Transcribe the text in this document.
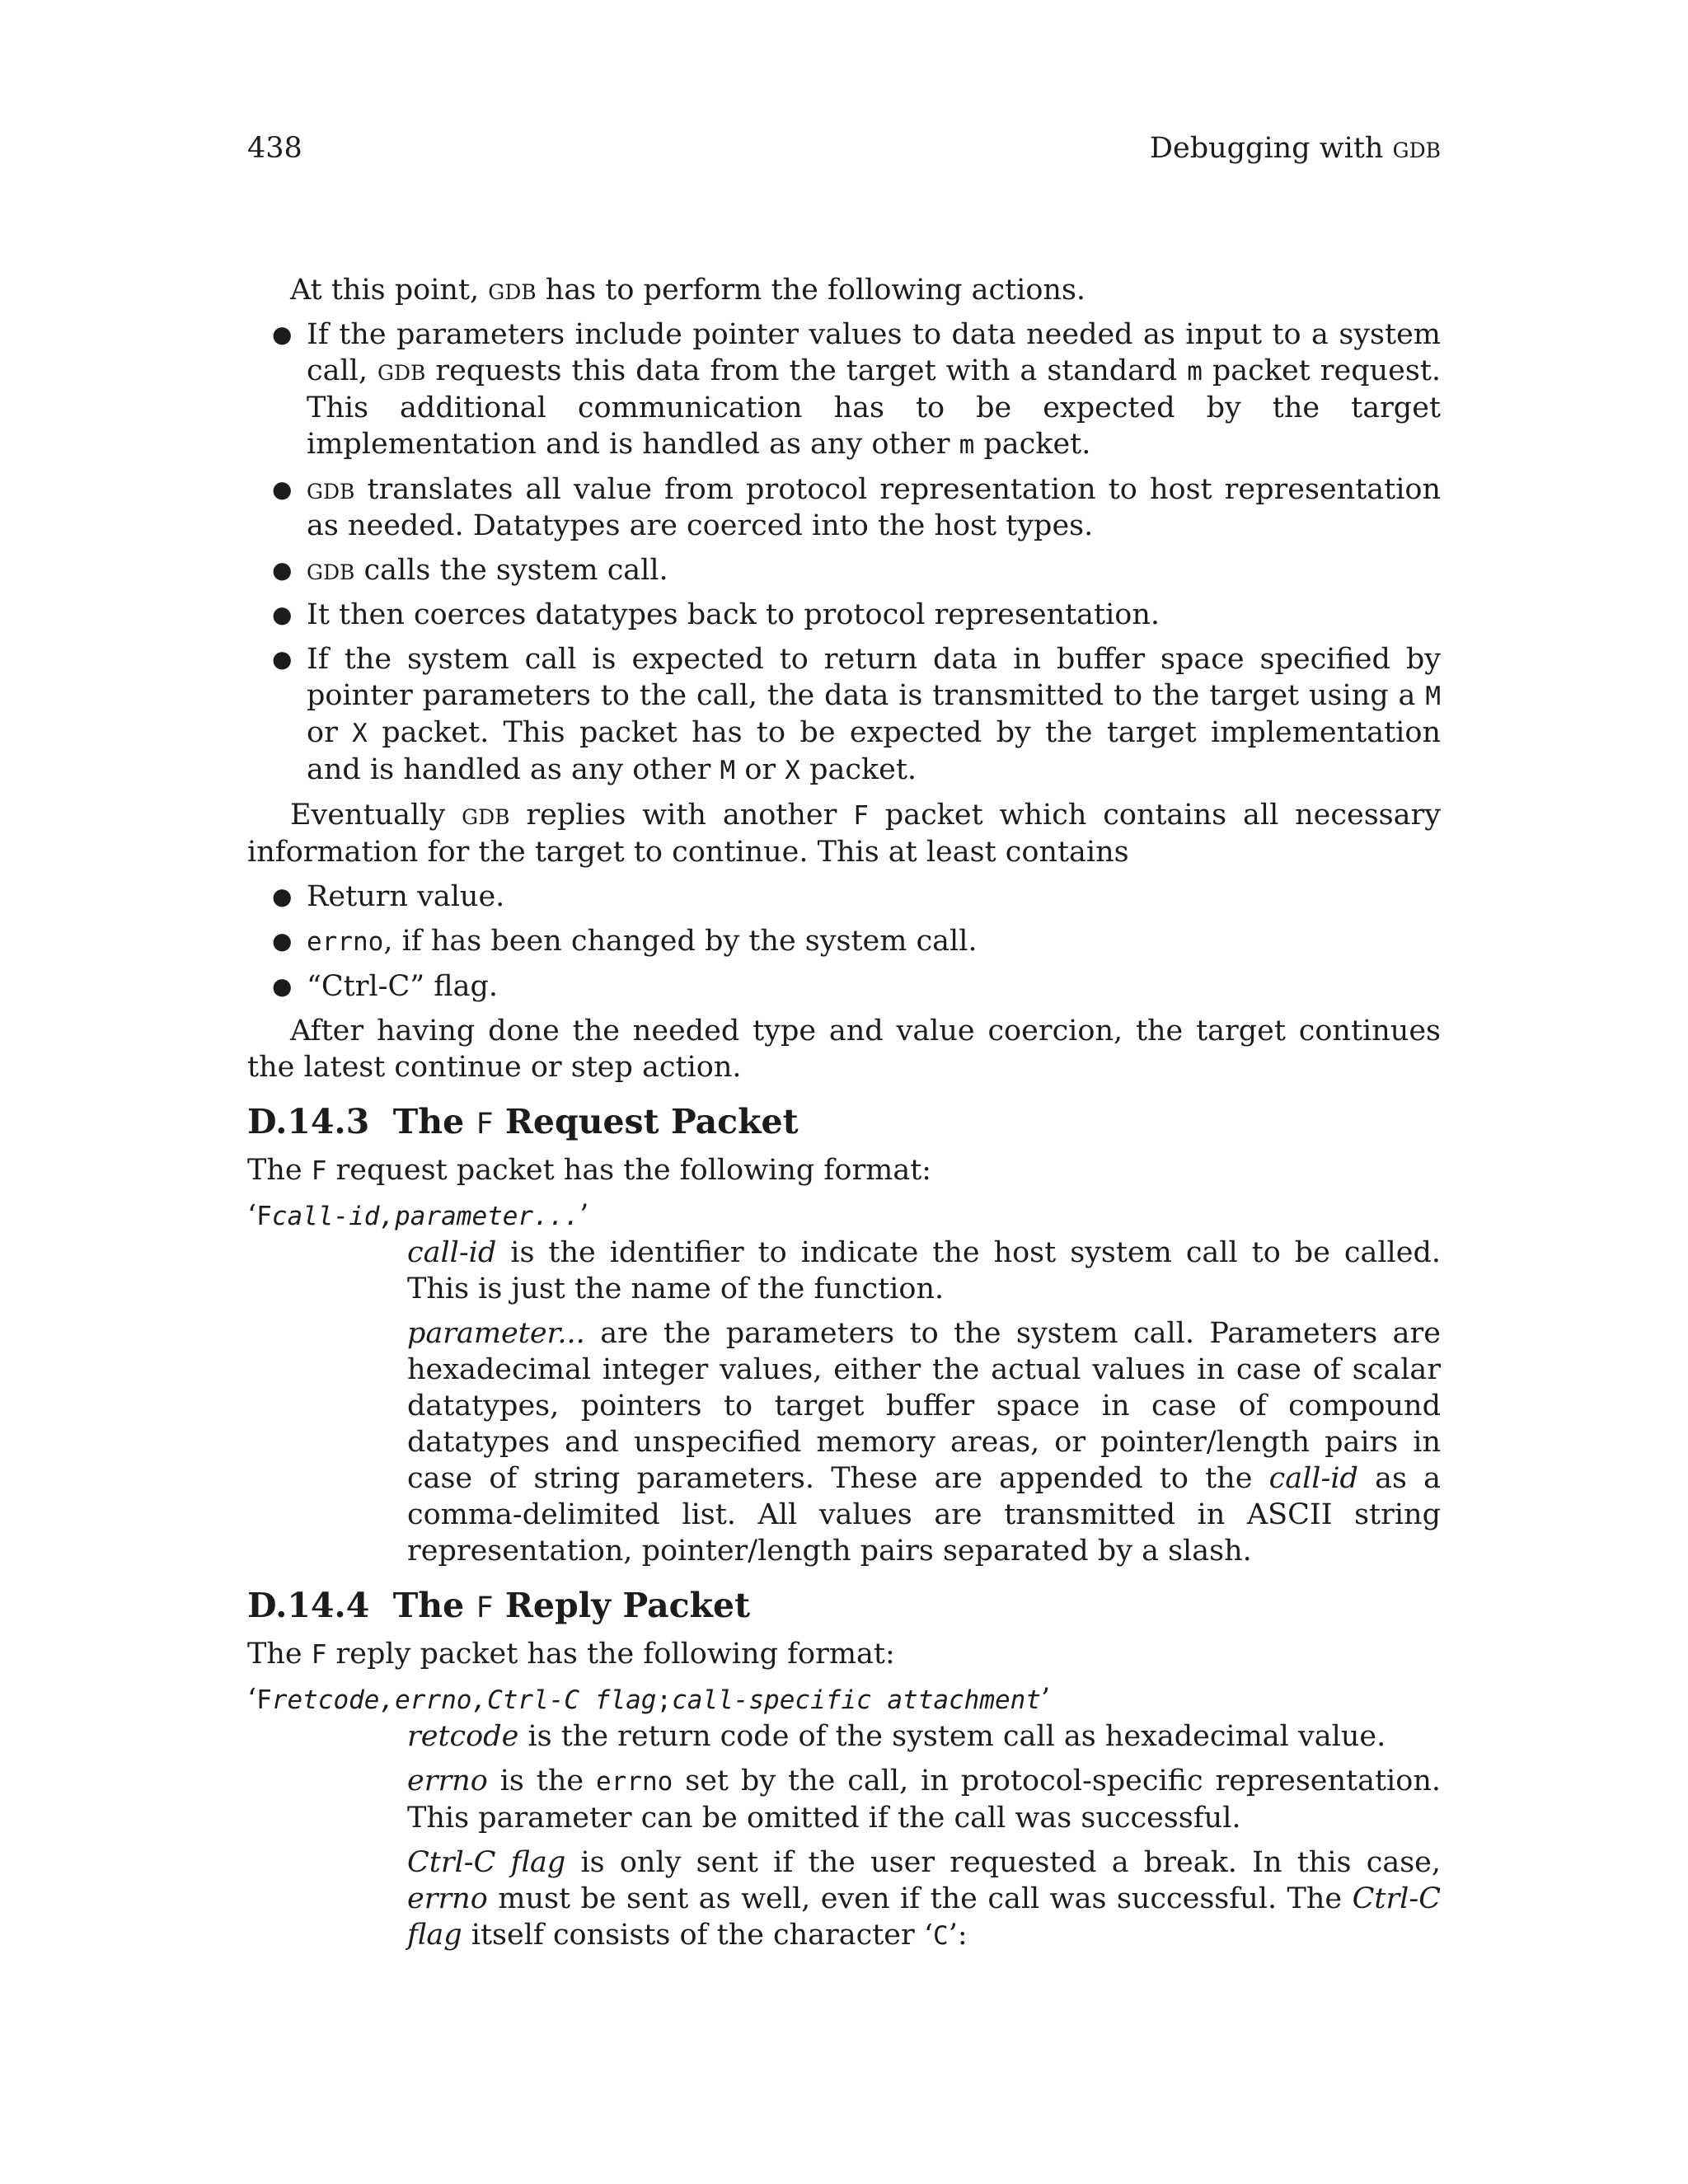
438	Debugging with gdb

At this point, gdb has to perform the following actions.

● If the parameters include pointer values to data needed as input to a system call, gdb requests this data from the target with a standard m packet request. This additional communication has to be expected by the target implementation and is handled as any other m packet.
● gdb translates all value from protocol representation to host representation as needed. Datatypes are coerced into the host types.
● gdb calls the system call.
● It then coerces datatypes back to protocol representation.
● If the system call is expected to return data in buffer space specified by pointer parameters to the call, the data is transmitted to the target using a M or X packet. This packet has to be expected by the target implementation and is handled as any other M or X packet.

Eventually gdb replies with another F packet which contains all necessary information for the target to continue. This at least contains

● Return value.
● errno, if has been changed by the system call.
● “Ctrl-C” flag.

After having done the needed type and value coercion, the target continues the latest continue or step action.

D.14.3 The F Request Packet

The F request packet has the following format:

‘Fcall-id,parameter...’

call-id is the identifier to indicate the host system call to be called. This is just the name of the function.

parameter... are the parameters to the system call. Parameters are hexadecimal integer values, either the actual values in case of scalar datatypes, pointers to target buffer space in case of compound datatypes and unspecified memory areas, or pointer/length pairs in case of string parameters. These are appended to the call-id as a comma-delimited list. All values are transmitted in ASCII string representation, pointer/length pairs separated by a slash.

D.14.4 The F Reply Packet

The F reply packet has the following format:

‘Fretcode,errno,Ctrl-C flag;call-specific attachment’

retcode is the return code of the system call as hexadecimal value.

errno is the errno set by the call, in protocol-specific representation. This parameter can be omitted if the call was successful.

Ctrl-C flag is only sent if the user requested a break. In this case, errno must be sent as well, even if the call was successful. The Ctrl-C flag itself consists of the character ‘C’:
